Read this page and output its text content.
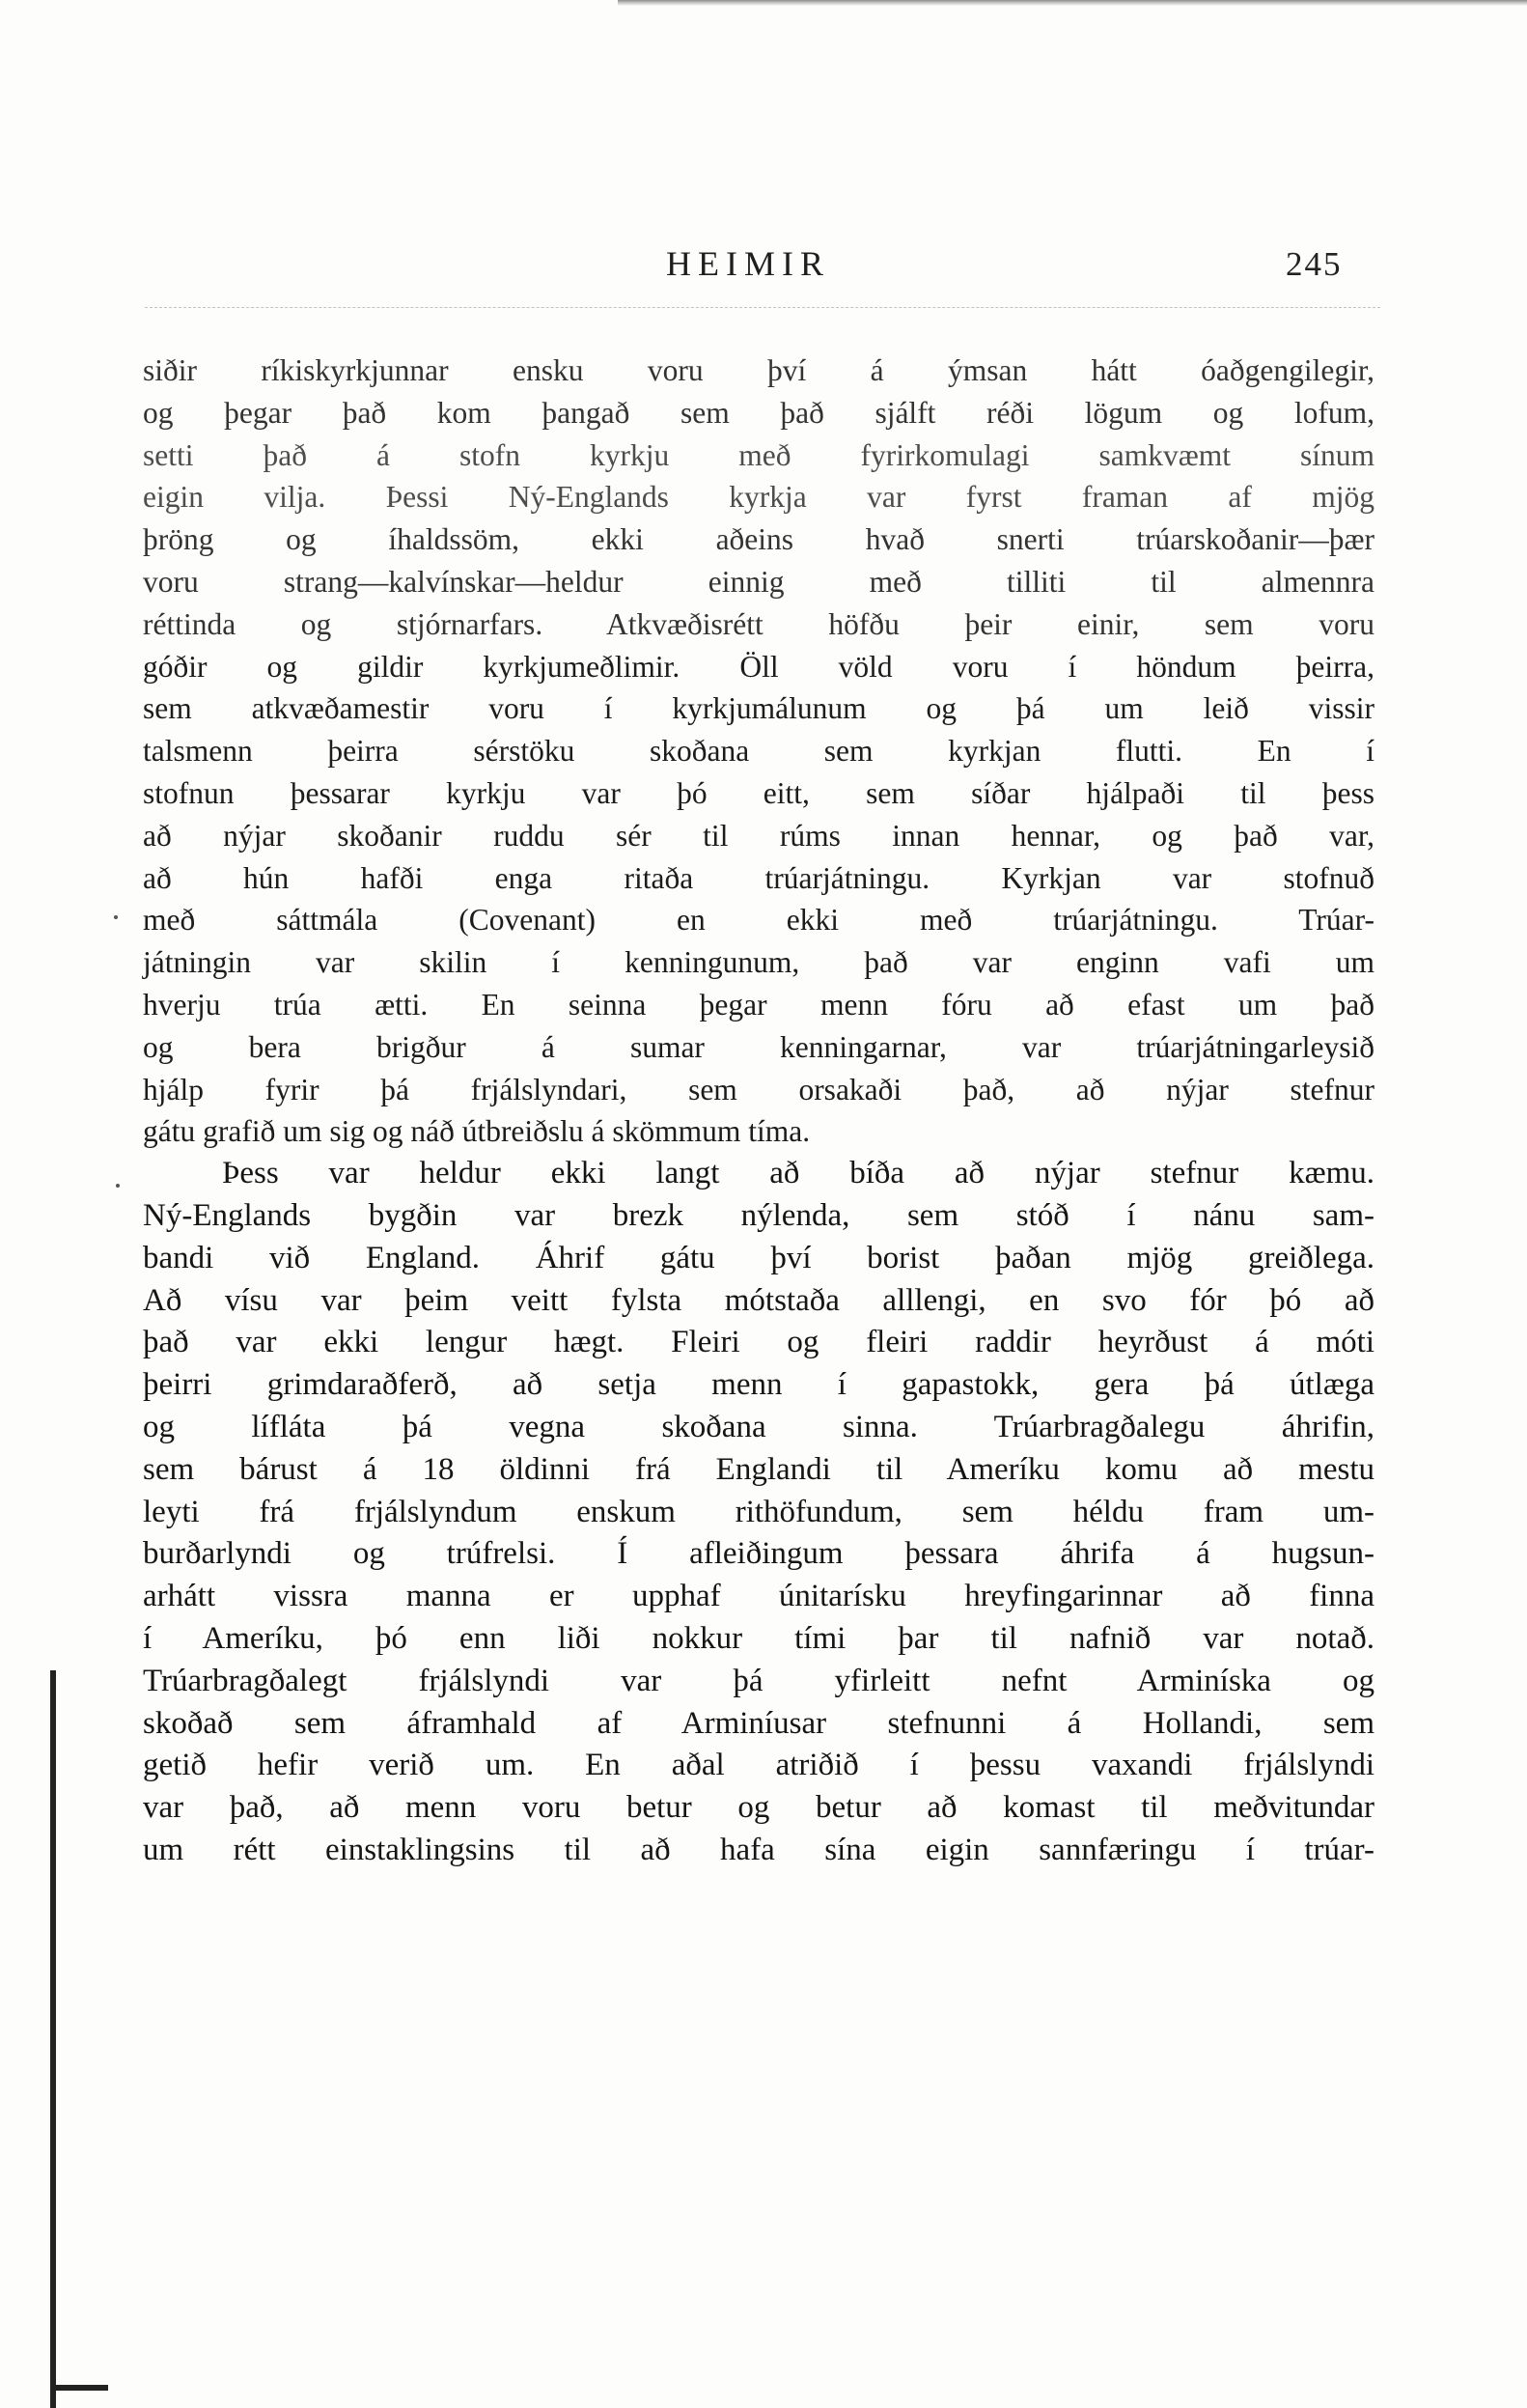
HEIMIR	245
siðir ríkiskyrkjunnar ensku voru því á ýmsan hátt óaðgengilegir,
og þegar það kom þangað sem það sjálft réði lögum og lofum,
setti það á stofn kyrkju með fyrirkomulagi samkvæmt sínum
eigin vilja. Þessi Ný-Englands kyrkja var fyrst framan af mjög
þröng og íhaldssöm, ekki aðeins hvað snerti trúarskoðanir—þær
voru strang—kalvínskar—heldur einnig með tilliti til almennra
réttinda og stjórnarfars. Atkvæðisrétt höfðu þeir einir, sem voru
góðir og gildir kyrkjumeðlimir. Öll völd voru í höndum þeirra,
sem atkvæðamestir voru í kyrkjumálunum og þá um leið vissir
talsmenn þeirra sérstöku skoðana sem kyrkjan flutti. En í
stofnun þessarar kyrkju var þó eitt, sem síðar hjálpaði til þess
að nýjar skoðanir ruddu sér til rúms innan hennar, og það var,
að hún hafði enga ritaða trúarjátningu. Kyrkjan var stofnuð
með sáttmála (Covenant) en ekki með trúarjátningu. Trúar-
játningin var skilin í kenningunum, það var enginn vafi um
hverju trúa ætti. En seinna þegar menn fóru að efast um það
og bera brigður á sumar kenningarnar, var trúarjátningarleysið
hjálp fyrir þá frjálslyndari, sem orsakaði það, að nýjar stefnur
gátu grafið um sig og náð útbreiðslu á skömmum tíma.
Þess var heldur ekki langt að bíða að nýjar stefnur kæmu.
Ný-Englands bygðin var brezk nýlenda, sem stóð í nánu sam-
bandi við England. Áhrif gátu því borist þaðan mjög greiðlega.
Að vísu var þeim veitt fylsta mótstaða alllengi, en svo fór þó að
það var ekki lengur hægt. Fleiri og fleiri raddir heyrðust á móti
þeirri grimdaraðferð, að setja menn í gapastokk, gera þá útlæga
og lífláta þá vegna skoðana sinna. Trúarbragðalegu áhrifin,
sem bárust á 18 öldinni frá Englandi til Ameríku komu að mestu
leyti frá frjálslyndum enskum rithöfundum, sem héldu fram um-
burðarlyndi og trúfrelsi. Í afleiðingum þessara áhrifa á hugsun-
arhátt vissra manna er upphaf únitarísku hreyfingarinnar að finna
í Ameríku, þó enn liði nokkur tími þar til nafnið var notað.
Trúarbragðalegt frjálslyndi var þá yfirleitt nefnt Arminíska og
skoðað sem áframhald af Arminíusar stefnunni á Hollandi, sem
getið hefir verið um. En aðal atriðið í þessu vaxandi frjálslyndi
var það, að menn voru betur og betur að komast til meðvitundar
um rétt einstaklingsins til að hafa sína eigin sannfæringu í trúar-
